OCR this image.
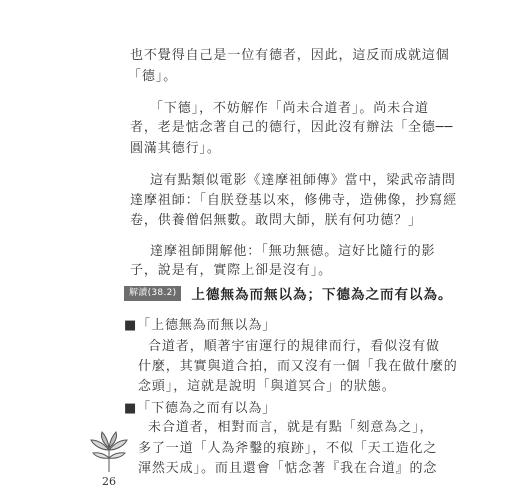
也不覺得自己是一位有德者，因此，這反而成就這個
「德」。
「下德」，不妨解作「尚未合道者」。尚未合道
者，老是惦念著自己的德行，因此沒有辦法「全德──
圓滿其德行」。
這有點類似電影《達摩祖師傳》當中，梁武帝請問
達摩祖師：「自朕登基以來，修佛寺，造佛像，抄寫經
卷，供養僧侶無數。敢問大師，朕有何功德？」
達摩祖師開解他：「無功無德。這好比隨行的影
子，說是有，實際上卻是沒有」。
解讀(38.2)	上德無為而無以為；下德為之而有以為。
■「上德無為而無以為」
合道者，順著宇宙運行的規律而行，看似沒有做
什麼，其實與道合拍，而又沒有一個「我在做什麼的
念頭」，這就是說明「與道冥合」的狀態。
■「下德為之而有以為」
未合道者，相對而言，就是有點「刻意為之」，
多了一道「人為斧鑿的痕跡」，不似「天工造化之
渾然天成」。而且還會「惦念著『我在合道』的念
26
